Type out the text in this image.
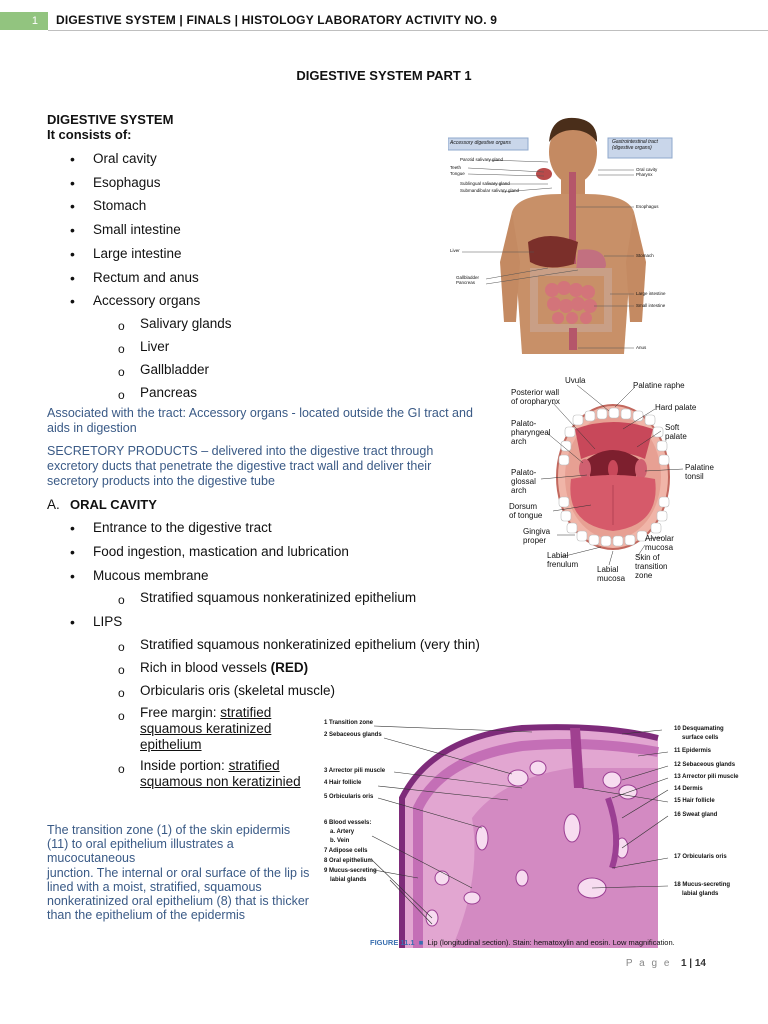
1	DIGESTIVE SYSTEM | FINALS | HISTOLOGY LABORATORY ACTIVITY NO. 9
DIGESTIVE SYSTEM PART 1
DIGESTIVE SYSTEM
It consists of:
• Oral cavity
• Esophagus
• Stomach
• Small intestine
• Large intestine
• Rectum and anus
• Accessory organs
o Salivary glands
o Liver
o Gallbladder
o Pancreas
Associated with the tract: Accessory organs - located outside the GI tract and aids in digestion
SECRETORY PRODUCTS – delivered into the digestive tract through excretory ducts that penetrate the digestive tract wall and deliver their secretory products into the digestive tube
A. ORAL CAVITY
• Entrance to the digestive tract
• Food ingestion, mastication and lubrication
• Mucous membrane
o Stratified squamous nonkeratinized epithelium
• LIPS
o Stratified squamous nonkeratinized epithelium (very thin)
o Rich in blood vessels (RED)
o Orbicularis oris (skeletal muscle)
o Free margin: stratified
squamous keratinized
epithelium
o Inside portion: stratified
squamous non keratizinied
The transition zone (1) of the skin epidermis
(11) to oral epithelium illustrates a
mucocutaneous
junction. The internal or oral surface of the lip is
lined with a moist, stratified, squamous
nonkeratinized oral epithelium (8) that is thicker
than the epithelium of the epidermis
Accessory digestive organs	Gastrointestinal tract (digestive organs)
Parotid salivary gland
Teeth
Tongue
Sublingual salivary gland
Submandibular salivary gland
Liver
Gallbladder
Pancreas
Oral cavity
Pharynx
Esophagus
Stomach
Large intestine
Small intestine
Anus
Uvula
Palatine raphe
Posterior wall
of oropharynx
Hard palate
Palato-
pharyngeal
arch
Soft
palate
Palatine
tonsil
Palato-
glossal
arch
Dorsum
of tongue
Gingiva
proper	Alveolar
mucosa
Labial
frenulum
Labial
mucosa
Skin of
transition
zone
1 Transition zone
2 Sebaceous glands
3 Arrector pili muscle
4 Hair follicle
5 Orbicularis oris
6 Blood vessels:
a. Artery
b. Vein
7 Adipose cells
8 Oral epithelium
9 Mucus-secreting
labial glands
10 Desquamating
surface cells
11 Epidermis
12 Sebaceous glands
13 Arrector pili muscle
14 Dermis
15 Hair follicle
16 Sweat gland
17 Orbicularis oris
18 Mucus-secreting
labial glands
FIGURE 11.1  ■  Lip (longitudinal section). Stain: hematoxylin and eosin. Low magnification.
P a g e 1 | 14
